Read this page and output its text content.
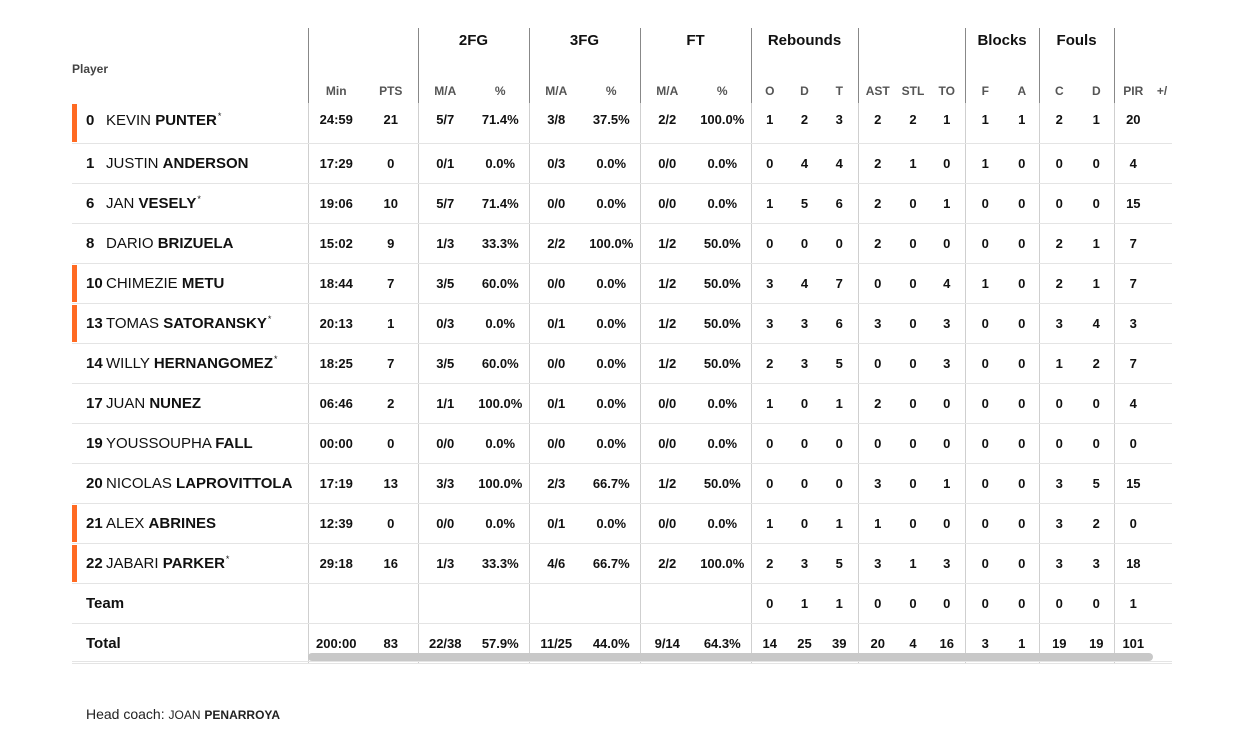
			2FG		3FG		FT		Rebounds						Blocks		Fouls			
Player	Min	PTS	M/A	%	M/A	%	M/A	%	O	D	T	AST	STL	TO	F	A	C	D	PIR	+/

0 KEVIN PUNTER*	24:59	21	5/7	71.4%	3/8	37.5%	2/2	100.0%	1	2	3	2	2	1	1	1	2	1	20	
1 JUSTIN ANDERSON	17:29	0	0/1	0.0%	0/3	0.0%	0/0	0.0%	0	4	4	2	1	0	1	0	0	0	4	
6 JAN VESELY*	19:06	10	5/7	71.4%	0/0	0.0%	0/0	0.0%	1	5	6	2	0	1	0	0	0	0	15	
8 DARIO BRIZUELA	15:02	9	1/3	33.3%	2/2	100.0%	1/2	50.0%	0	0	0	2	0	0	0	0	2	1	7	

10 CHIMEZIE METU	18:44	7	3/5	60.0%	0/0	0.0%	1/2	50.0%	3	4	7	0	0	4	1	0	2	1	7	

13 TOMAS SATORANSKY*	20:13	1	0/3	0.0%	0/1	0.0%	1/2	50.0%	3	3	6	3	0	3	0	0	3	4	3	
14 WILLY HERNANGOMEZ*	18:25	7	3/5	60.0%	0/0	0.0%	1/2	50.0%	2	3	5	0	0	3	0	0	1	2	7	
17 JUAN NUNEZ	06:46	2	1/1	100.0%	0/1	0.0%	0/0	0.0%	1	0	1	2	0	0	0	0	0	0	4	
19 YOUSSOUPHA FALL	00:00	0	0/0	0.0%	0/0	0.0%	0/0	0.0%	0	0	0	0	0	0	0	0	0	0	0	
20 NICOLAS LAPROVITTOLA	17:19	13	3/3	100.0%	2/3	66.7%	1/2	50.0%	0	0	0	3	0	1	0	0	3	5	15	

21 ALEX ABRINES	12:39	0	0/0	0.0%	0/1	0.0%	0/0	0.0%	1	0	1	1	0	0	0	0	3	2	0	

22 JABARI PARKER*	29:18	16	1/3	33.3%	4/6	66.7%	2/2	100.0%	2	3	5	3	1	3	0	0	3	3	18	
Team									0	1	1	0	0	0	0	0	0	0	1	
Total	200:00	83	22/38	57.9%	11/25	44.0%	9/14	64.3%	14	25	39	20	4	16	3	1	19	19	101	
Head coach: JOAN PENARROYA
